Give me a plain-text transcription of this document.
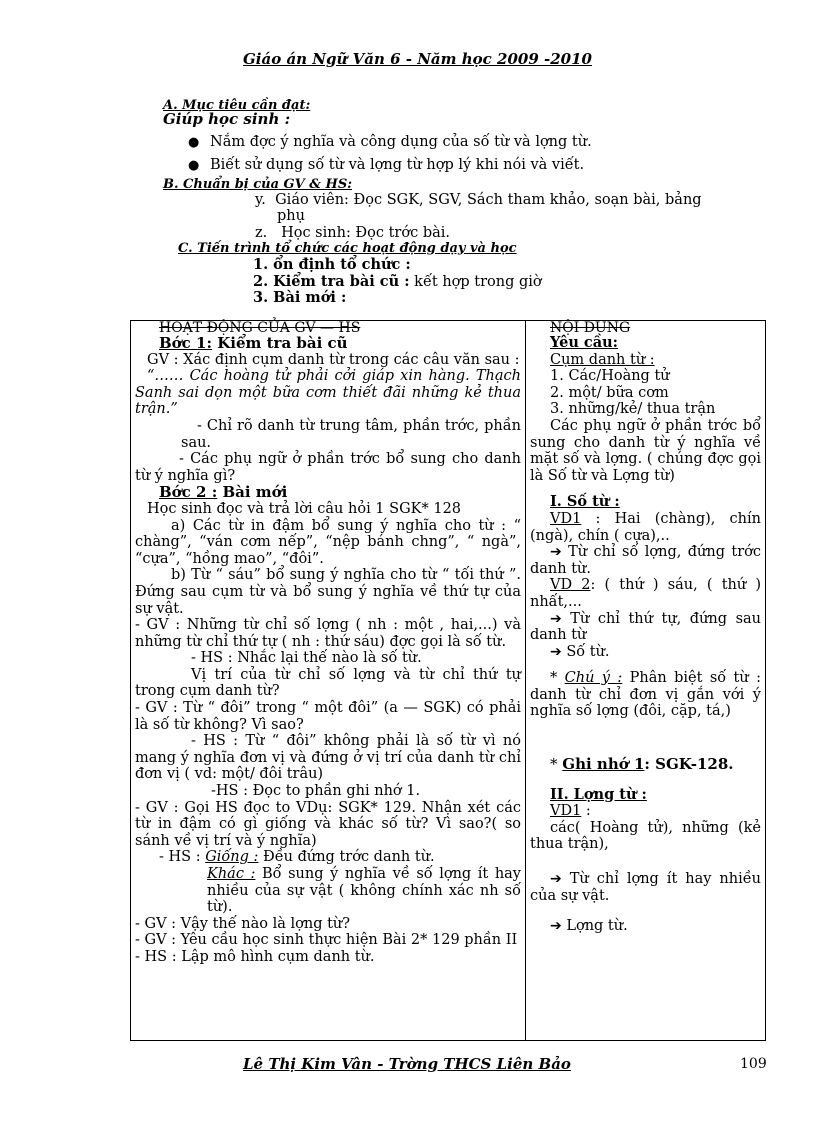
Giáo án Ngữ Văn 6 - Năm học 2009 -2010
A. Mục tiêu cần đạt:
Giúp học sinh :
● Nắm đợc ý nghĩa và công dụng của số từ và lợng từ.
● Biết sử dụng số từ và lợng từ hợp lý khi nói và viết.
B. Chuẩn bị của GV & HS:
y. Giáo viên: Đọc SGK, SGV, Sách tham khảo, soạn bài, bảng
phụ
z. Học sinh: Đọc trớc bài.
C. Tiến trình tổ chức các hoạt động dạy và học
1. ổn định tổ chức :
2. Kiểm tra bài cũ : kết hợp trong giờ
3. Bài mới :
HOẠT ĐỘNG CỦA GV — HS
Bớc 1: Kiểm tra bài cũ
GV : Xác định cụm danh từ trong các câu văn sau :
“…… Các hoàng tử phải cởi giáp xin hàng. Thạch Sanh sai dọn một bữa cơm thiết đãi những kẻ thua trận.”
- Chỉ rõ danh từ trung tâm, phần trớc, phần sau.
- Các phụ ngữ ở phần trớc bổ sung cho danh từ ý nghĩa gì?
Bớc 2 : Bài mới
Học sinh đọc và trả lời câu hỏi 1 SGK* 128
a) Các từ in đậm bổ sung ý nghĩa cho từ : “ chàng”, “ván cơm nếp”, “nệp bánh chng”, “ ngà”, “cựa”, “hồng mao”, “đôi”.
b) Từ “ sáu” bổ sung ý nghĩa cho từ “ tối thứ ”. Đứng sau cụm từ và bổ sung ý nghĩa về thứ tự của sự vật.
- GV : Những từ chỉ số lợng ( nh : một , hai,...) và những từ chỉ thứ tự ( nh : thứ sáu) đợc gọi là số từ.
- HS : Nhắc lại thế nào là số từ.
Vị trí của từ chỉ số lợng và từ chỉ thứ tự trong cụm danh từ?
- GV : Từ “ đôi” trong “ một đôi” (a — SGK) có phải là số từ không? Vì sao?
- HS : Từ “ đôi” không phải là số từ vì nó mang ý nghĩa đơn vị và đứng ở vị trí của danh từ chỉ đơn vị ( vd: một/ đôi trâu)
-HS : Đọc to phần ghi nhớ 1.
- GV : Gọi HS đọc to VDụ: SGK* 129. Nhận xét các từ in đậm có gì giống và khác số từ? Vì sao?( so sánh về vị trí và ý nghĩa)
- HS : Giống : Đều đứng trớc danh từ.
Khác : Bổ sung ý nghĩa về số lợng ít hay nhiều của sự vật ( không chính xác nh số từ).
- GV : Vậy thế nào là lợng từ?
- GV : Yêu cầu học sinh thực hiện Bài 2* 129 phần II
- HS : Lập mô hình cụm danh từ.

NỘI DUNG
Yêu cầu:
Cụm danh từ :
1. Các/Hoàng tử
2. một/ bữa cơm
3. những/kẻ/ thua trận
Các phụ ngữ ở phần trớc bổ sung cho danh từ ý nghĩa về mặt số và lợng. ( chúng đợc gọi là Số từ và Lợng từ)
I. Số từ :
VD1 : Hai (chàng), chín (ngà), chín ( cựa),..
➔ Từ chỉ số lợng, đứng trớc danh từ.
VD 2: ( thứ ) sáu, ( thứ ) nhất,...
➔ Từ chỉ thứ tự, đứng sau danh từ
➔ Số từ.
* Chú ý : Phân biệt số từ : danh từ chỉ đơn vị gắn với ý nghĩa số lợng (đôi, cặp, tá,)
* Ghi nhớ 1: SGK-128.
II. Lợng từ :
VD1 :
các( Hoàng tử), những (kẻ thua trận),
➔ Từ chỉ lợng ít hay nhiều của sự vật.
➔ Lợng từ.
Lê Thị Kim Vân - Trờng THCS Liên Bảo	109
